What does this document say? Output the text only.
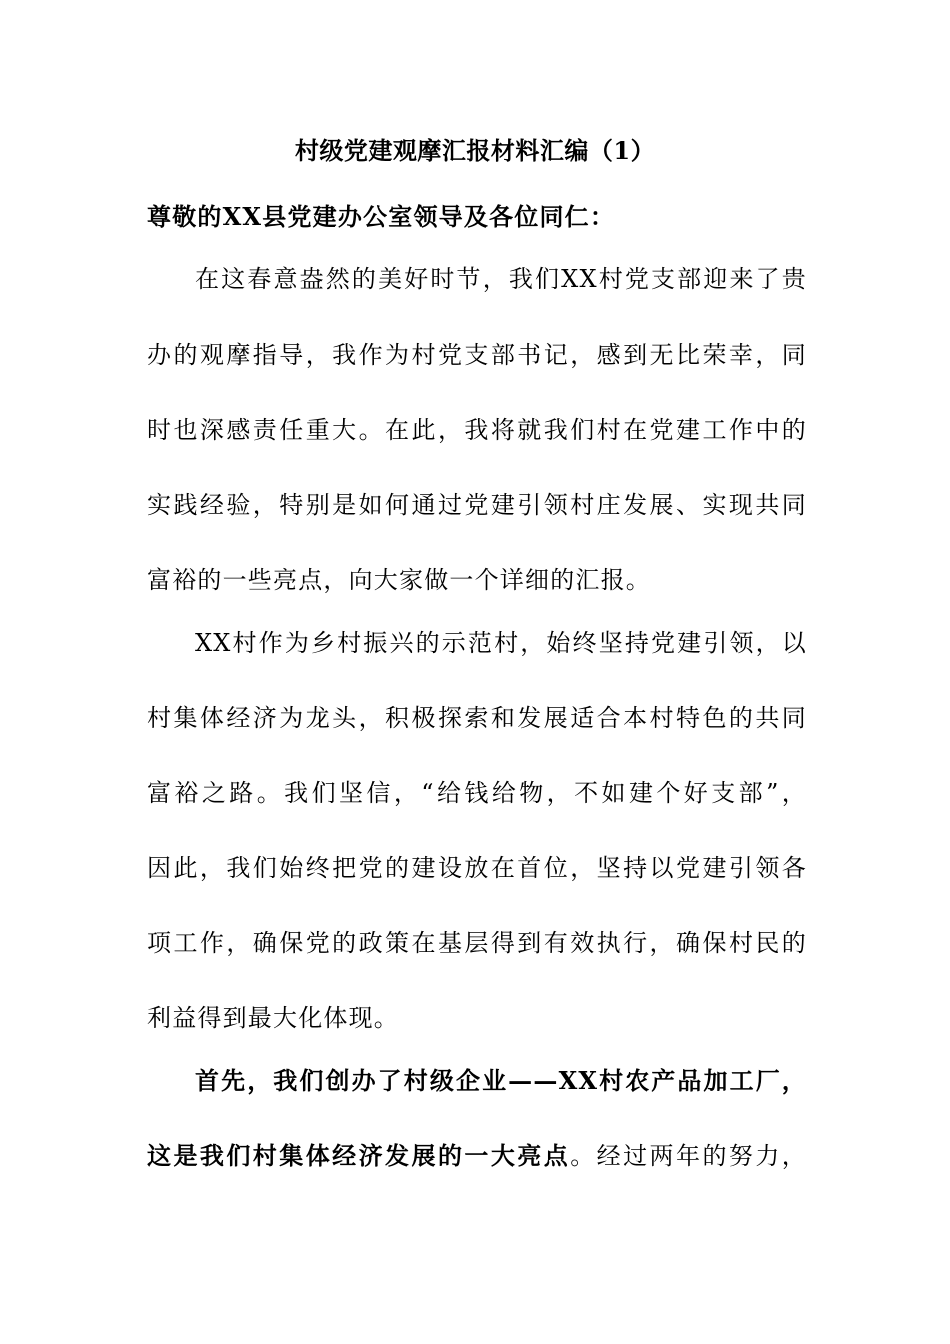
村级党建观摩汇报材料汇编（1）
尊敬的XX县党建办公室领导及各位同仁：
在这春意盎然的美好时节，我们XX村党支部迎来了贵
办的观摩指导，我作为村党支部书记，感到无比荣幸，同
时也深感责任重大。在此，我将就我们村在党建工作中的
实践经验，特别是如何通过党建引领村庄发展、实现共同
富裕的一些亮点，向大家做一个详细的汇报。
XX村作为乡村振兴的示范村，始终坚持党建引领，以
村集体经济为龙头，积极探索和发展适合本村特色的共同
富裕之路。我们坚信，“给钱给物，不如建个好支部”，
因此，我们始终把党的建设放在首位，坚持以党建引领各
项工作，确保党的政策在基层得到有效执行，确保村民的
利益得到最大化体现。
首先，我们创办了村级企业——XX村农产品加工厂，
这是我们村集体经济发展的一大亮点。经过两年的努力，
